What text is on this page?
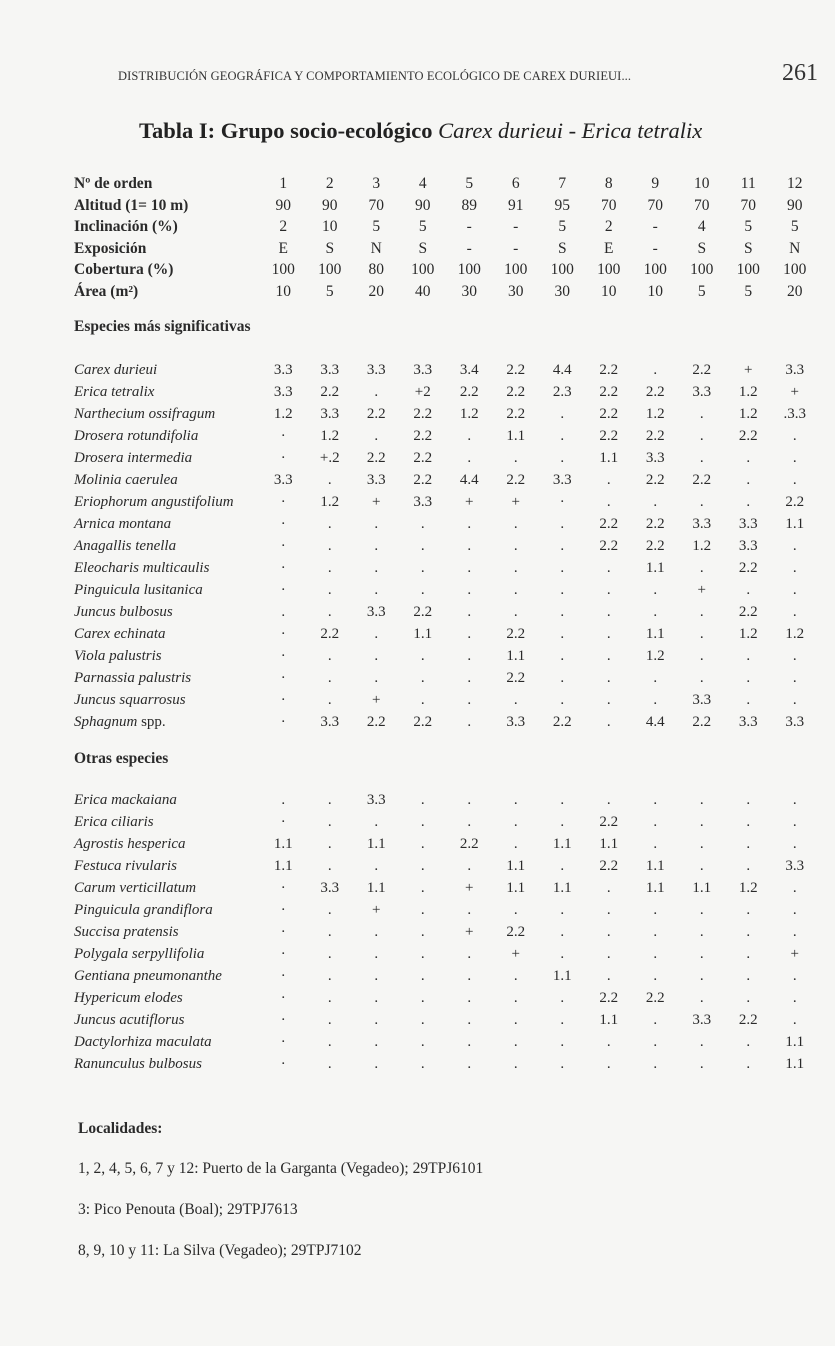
DISTRIBUCIÓN GEOGRÁFICA Y COMPORTAMIENTO ECOLÓGICO DE CAREX DURIEUI...	261
Tabla I: Grupo socio-ecológico Carex durieui - Erica tetralix
Nº de orden	1	2	3	4	5	6	7	8	9	10	11	12
Altitud (1= 10 m)	90	90	70	90	89	91	95	70	70	70	70	90
Inclinación (%)	2	10	5	5	-	-	5	2	-	4	5	5
Exposición	E	S	N	S	-	-	S	E	-	S	S	N
Cobertura (%)	100	100	80	100	100	100	100	100	100	100	100	100
Área (m²)	10	5	20	40	30	30	30	10	10	5	5	20

Especies más significativas

Carex durieui	3.3	3.3	3.3	3.3	3.4	2.2	4.4	2.2	.	2.2	+	3.3
Erica tetralix	3.3	2.2	.	+2	2.2	2.2	2.3	2.2	2.2	3.3	1.2	+
Narthecium ossifragum	1.2	3.3	2.2	2.2	1.2	2.2	.	2.2	1.2	.	1.2	.3.3
Drosera rotundifolia	·	1.2	.	2.2	.	1.1	.	2.2	2.2	.	2.2	.
Drosera intermedia	·	+.2	2.2	2.2	.	.	.	1.1	3.3	.	.	.
Molinia caerulea	3.3	.	3.3	2.2	4.4	2.2	3.3	.	2.2	2.2	.	.
Eriophorum angustifolium	·	1.2	+	3.3	+	+	·	.	.	.	.	2.2
Arnica montana	·	.	.	.	.	.	.	2.2	2.2	3.3	3.3	1.1
Anagallis tenella	·	.	.	.	.	.	.	2.2	2.2	1.2	3.3	.
Eleocharis multicaulis	·	.	.	.	.	.	.	.	1.1	.	2.2	.
Pinguicula lusitanica	·	.	.	.	.	.	.	.	.	+	.	.
Juncus bulbosus	.	.	3.3	2.2	.	.	.	.	.	.	2.2	.
Carex echinata	·	2.2	.	1.1	.	2.2	.	.	1.1	.	1.2	1.2
Viola palustris	·	.	.	.	.	1.1	.	.	1.2	.	.	.
Parnassia palustris	·	.	.	.	.	2.2	.	.	.	.	.	.
Juncus squarrosus	·	.	+	.	.	.	.	.	.	3.3	.	.
Sphagnum spp.	·	3.3	2.2	2.2	.	3.3	2.2	.	4.4	2.2	3.3	3.3

Otras especies

Erica mackaiana	.	.	3.3	.	.	.	.	.	.	.	.	.
Erica ciliaris	·	.	.	.	.	.	.	2.2	.	.	.	.
Agrostis hesperica	1.1	.	1.1	.	2.2	.	1.1	1.1	.	.	.	.
Festuca rivularis	1.1	.	.	.	.	1.1	.	2.2	1.1	.	.	3.3
Carum verticillatum	·	3.3	1.1	.	+	1.1	1.1	.	1.1	1.1	1.2	.
Pinguicula grandiflora	·	.	+	.	.	.	.	.	.	.	.	.
Succisa pratensis	·	.	.	.	+	2.2	.	.	.	.	.	.
Polygala serpyllifolia	·	.	.	.	.	+	.	.	.	.	.	+
Gentiana pneumonanthe	·	.	.	.	.	.	1.1	.	.	.	.	.
Hypericum elodes	·	.	.	.	.	.	.	2.2	2.2	.	.	.
Juncus acutiflorus	·	.	.	.	.	.	.	1.1	.	3.3	2.2	.
Dactylorhiza maculata	·	.	.	.	.	.	.	.	.	.	.	1.1
Ranunculus bulbosus	·	.	.	.	.	.	.	.	.	.	.	1.1
Localidades:
1, 2, 4, 5, 6, 7 y 12: Puerto de la Garganta (Vegadeo); 29TPJ6101
3: Pico Penouta (Boal); 29TPJ7613
8, 9, 10 y 11: La Silva (Vegadeo); 29TPJ7102
